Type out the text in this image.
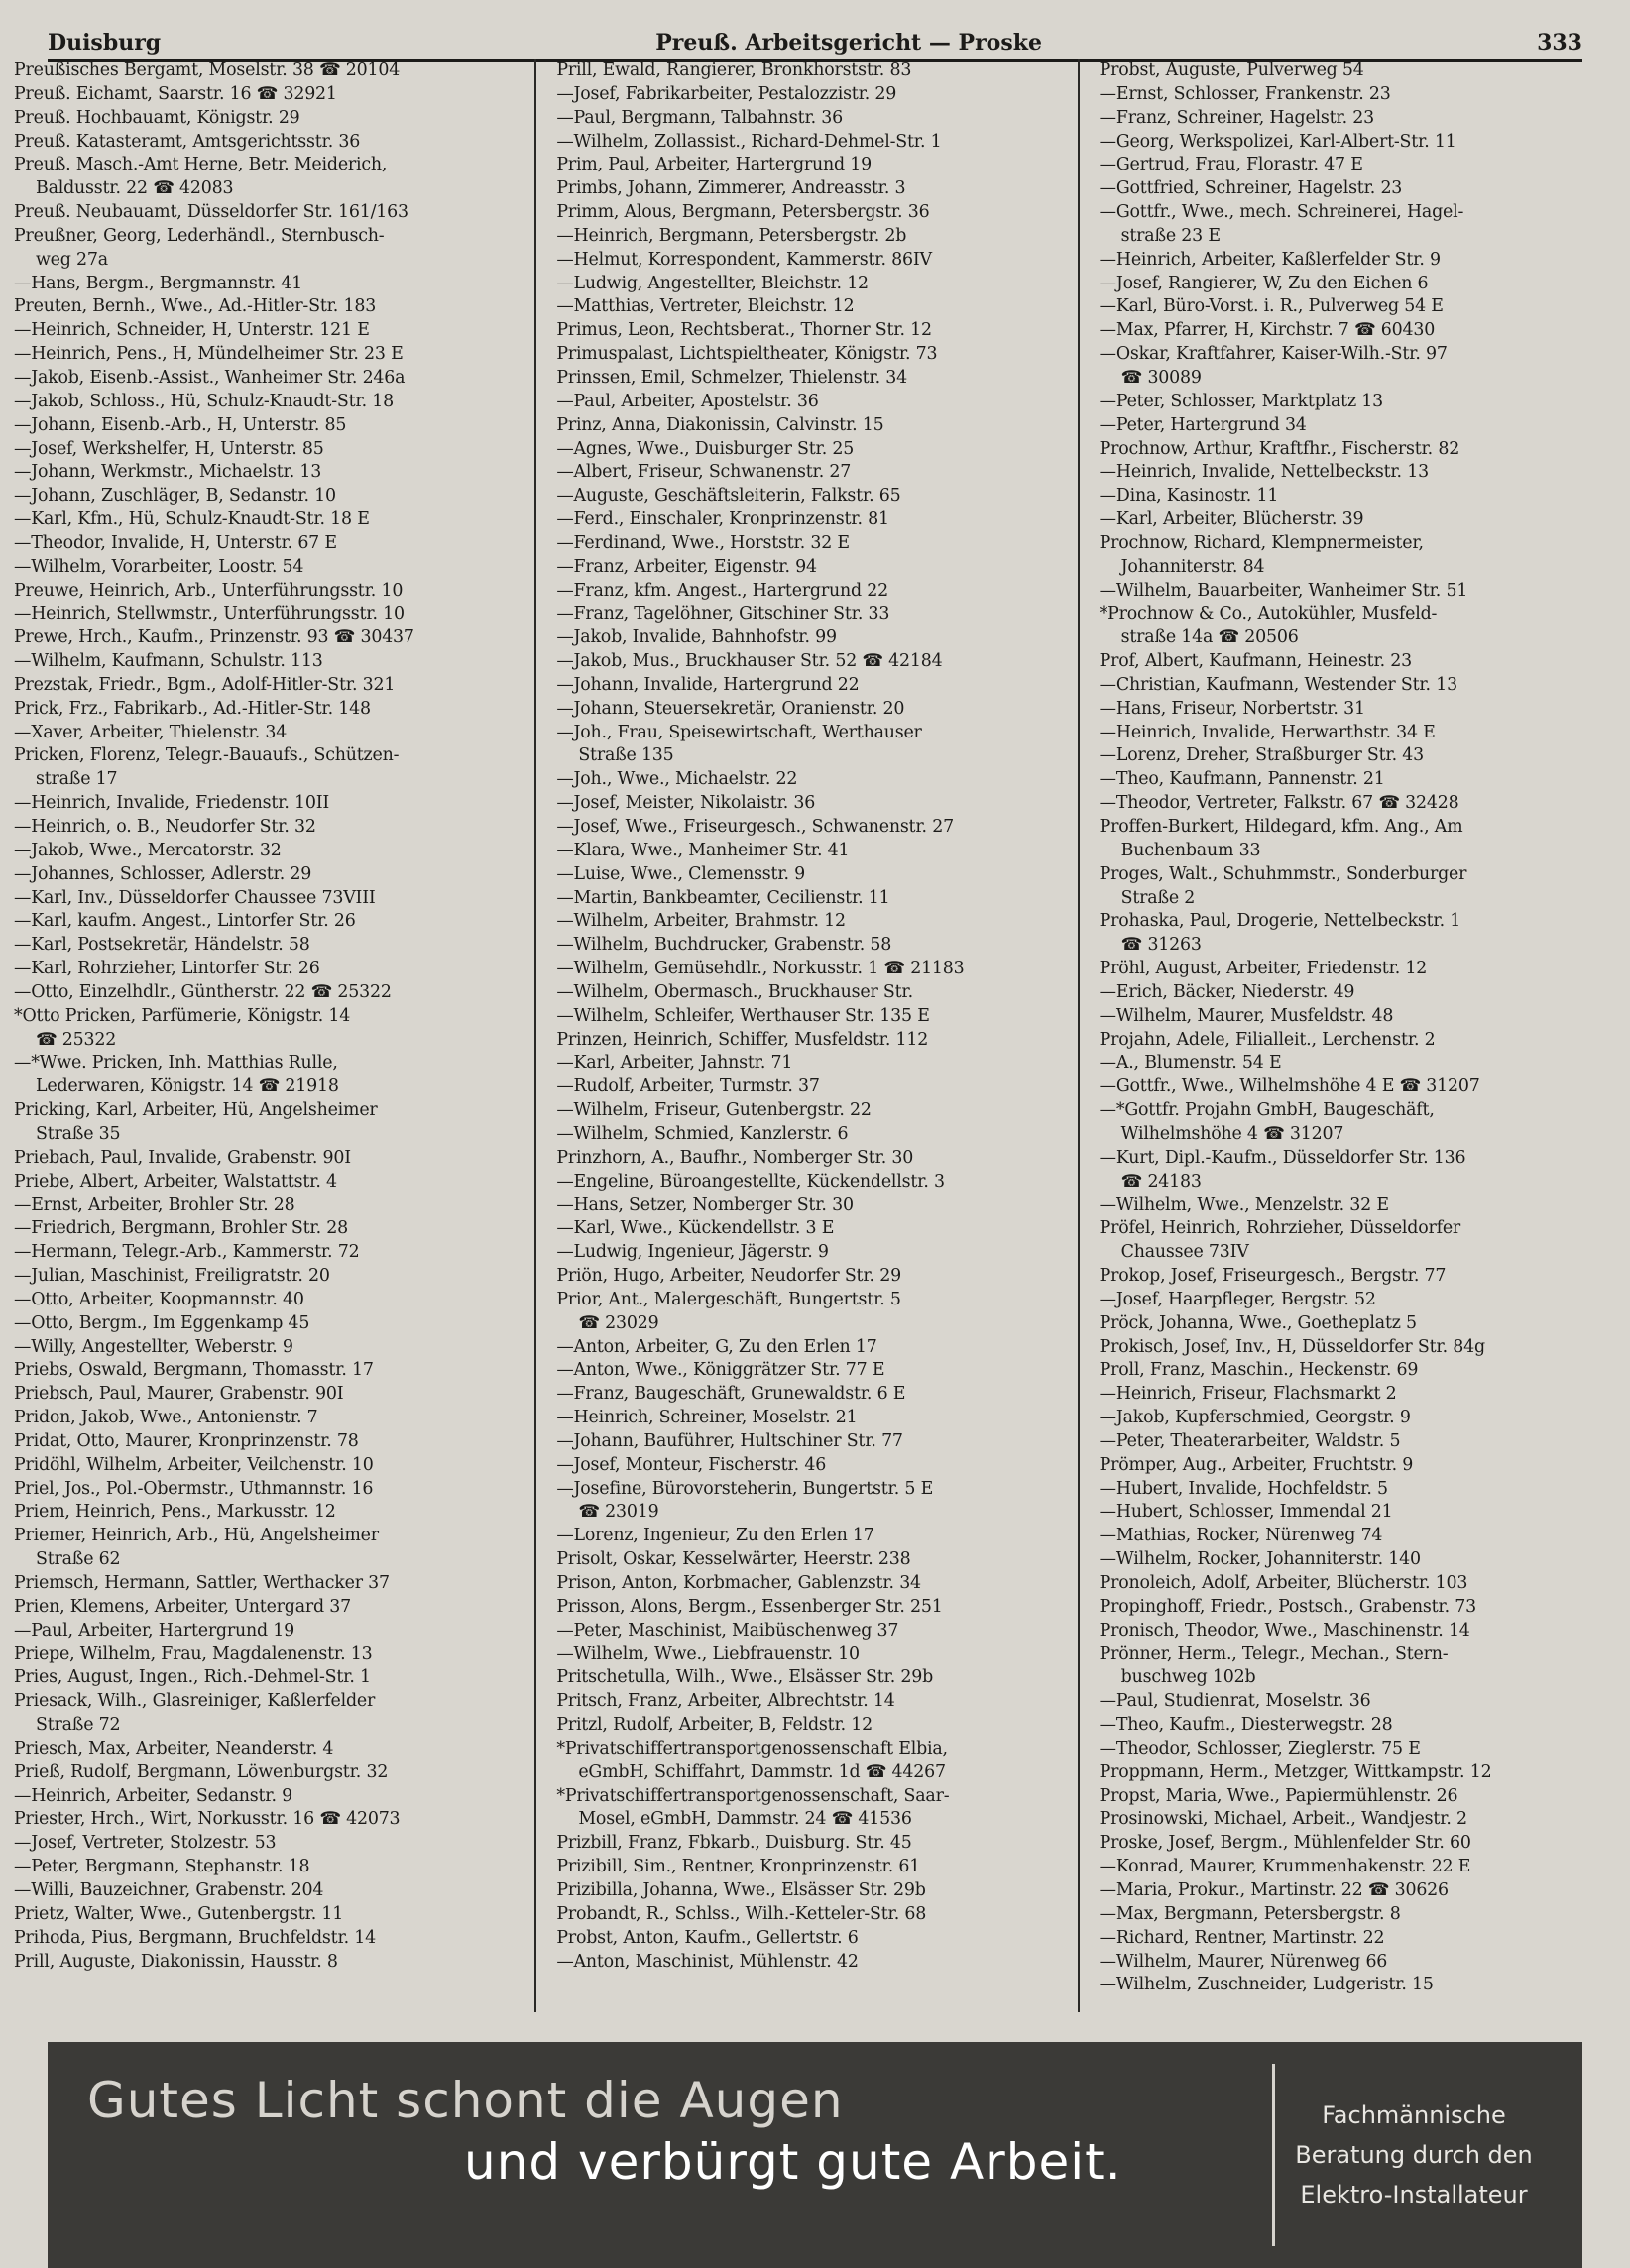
Duisburg	Preuß. Arbeitsgericht — Proske	333
Preußisches Bergamt, Moselstr. 38 ☎ 20104
Preuß. Eichamt, Saarstr. 16 ☎ 32921
Preuß. Hochbauamt, Königstr. 29
Preuß. Katasteramt, Amtsgerichtsstr. 36
Preuß. Masch.-Amt Herne, Betr. Meiderich,
Baldusstr. 22 ☎ 42083
Preuß. Neubauamt, Düsseldorfer Str. 161/163
Preußner, Georg, Lederhändl., Sternbusch-
weg 27a
—Hans, Bergm., Bergmannstr. 41
Preuten, Bernh., Wwe., Ad.-Hitler-Str. 183
—Heinrich, Schneider, H, Unterstr. 121 E
—Heinrich, Pens., H, Mündelheimer Str. 23 E
—Jakob, Eisenb.-Assist., Wanheimer Str. 246a
—Jakob, Schloss., Hü, Schulz-Knaudt-Str. 18
—Johann, Eisenb.-Arb., H, Unterstr. 85
—Josef, Werkshelfer, H, Unterstr. 85
—Johann, Werkmstr., Michaelstr. 13
—Johann, Zuschläger, B, Sedanstr. 10
—Karl, Kfm., Hü, Schulz-Knaudt-Str. 18 E
—Theodor, Invalide, H, Unterstr. 67 E
—Wilhelm, Vorarbeiter, Loostr. 54
Preuwe, Heinrich, Arb., Unterführungsstr. 10
—Heinrich, Stellwmstr., Unterführungsstr. 10
Prewe, Hrch., Kaufm., Prinzenstr. 93 ☎ 30437
—Wilhelm, Kaufmann, Schulstr. 113
Prezstak, Friedr., Bgm., Adolf-Hitler-Str. 321
Prick, Frz., Fabrikarb., Ad.-Hitler-Str. 148
—Xaver, Arbeiter, Thielenstr. 34
Pricken, Florenz, Telegr.-Bauaufs., Schützen-
straße 17
—Heinrich, Invalide, Friedenstr. 10II
—Heinrich, o. B., Neudorfer Str. 32
—Jakob, Wwe., Mercatorstr. 32
—Johannes, Schlosser, Adlerstr. 29
—Karl, Inv., Düsseldorfer Chaussee 73VIII
—Karl, kaufm. Angest., Lintorfer Str. 26
—Karl, Postsekretär, Händelstr. 58
—Karl, Rohrzieher, Lintorfer Str. 26
—Otto, Einzelhdlr., Güntherstr. 22 ☎ 25322
*Otto Pricken, Parfümerie, Königstr. 14
☎ 25322
—*Wwe. Pricken, Inh. Matthias Rulle,
Lederwaren, Königstr. 14 ☎ 21918
Pricking, Karl, Arbeiter, Hü, Angelsheimer
Straße 35
Priebach, Paul, Invalide, Grabenstr. 90I
Priebe, Albert, Arbeiter, Walstattstr. 4
—Ernst, Arbeiter, Brohler Str. 28
—Friedrich, Bergmann, Brohler Str. 28
—Hermann, Telegr.-Arb., Kammerstr. 72
—Julian, Maschinist, Freiligratstr. 20
—Otto, Arbeiter, Koopmannstr. 40
—Otto, Bergm., Im Eggenkamp 45
—Willy, Angestellter, Weberstr. 9
Priebs, Oswald, Bergmann, Thomasstr. 17
Priebsch, Paul, Maurer, Grabenstr. 90I
Pridon, Jakob, Wwe., Antonienstr. 7
Pridat, Otto, Maurer, Kronprinzenstr. 78
Pridöhl, Wilhelm, Arbeiter, Veilchenstr. 10
Priel, Jos., Pol.-Obermstr., Uthmannstr. 16
Priem, Heinrich, Pens., Markusstr. 12
Priemer, Heinrich, Arb., Hü, Angelsheimer
Straße 62
Priemsch, Hermann, Sattler, Werthacker 37
Prien, Klemens, Arbeiter, Untergard 37
—Paul, Arbeiter, Hartergrund 19
Priepe, Wilhelm, Frau, Magdalenenstr. 13
Pries, August, Ingen., Rich.-Dehmel-Str. 1
Priesack, Wilh., Glasreiniger, Kaßlerfelder
Straße 72
Priesch, Max, Arbeiter, Neanderstr. 4
Prieß, Rudolf, Bergmann, Löwenburgstr. 32
—Heinrich, Arbeiter, Sedanstr. 9
Priester, Hrch., Wirt, Norkusstr. 16 ☎ 42073
—Josef, Vertreter, Stolzestr. 53
—Peter, Bergmann, Stephanstr. 18
—Willi, Bauzeichner, Grabenstr. 204
Prietz, Walter, Wwe., Gutenbergstr. 11
Prihoda, Pius, Bergmann, Bruchfeldstr. 14
Prill, Auguste, Diakonissin, Hausstr. 8
Prill, Ewald, Rangierer, Bronkhorststr. 83
—Josef, Fabrikarbeiter, Pestalozzistr. 29
—Paul, Bergmann, Talbahnstr. 36
—Wilhelm, Zollassist., Richard-Dehmel-Str. 1
Prim, Paul, Arbeiter, Hartergrund 19
Primbs, Johann, Zimmerer, Andreasstr. 3
Primm, Alous, Bergmann, Petersbergstr. 36
—Heinrich, Bergmann, Petersbergstr. 2b
—Helmut, Korrespondent, Kammerstr. 86IV
—Ludwig, Angestellter, Bleichstr. 12
—Matthias, Vertreter, Bleichstr. 12
Primus, Leon, Rechtsberat., Thorner Str. 12
Primuspalast, Lichtspieltheater, Königstr. 73
Prinssen, Emil, Schmelzer, Thielenstr. 34
—Paul, Arbeiter, Apostelstr. 36
Prinz, Anna, Diakonissin, Calvinstr. 15
—Agnes, Wwe., Duisburger Str. 25
—Albert, Friseur, Schwanenstr. 27
—Auguste, Geschäftsleiterin, Falkstr. 65
—Ferd., Einschaler, Kronprinzenstr. 81
—Ferdinand, Wwe., Horststr. 32 E
—Franz, Arbeiter, Eigenstr. 94
—Franz, kfm. Angest., Hartergrund 22
—Franz, Tagelöhner, Gitschiner Str. 33
—Jakob, Invalide, Bahnhofstr. 99
—Jakob, Mus., Bruckhauser Str. 52 ☎ 42184
—Johann, Invalide, Hartergrund 22
—Johann, Steuersekretär, Oranienstr. 20
—Joh., Frau, Speisewirtschaft, Werthauser
Straße 135
—Joh., Wwe., Michaelstr. 22
—Josef, Meister, Nikolaistr. 36
—Josef, Wwe., Friseurgesch., Schwanenstr. 27
—Klara, Wwe., Manheimer Str. 41
—Luise, Wwe., Clemensstr. 9
—Martin, Bankbeamter, Cecilienstr. 11
—Wilhelm, Arbeiter, Brahmstr. 12
—Wilhelm, Buchdrucker, Grabenstr. 58
—Wilhelm, Gemüsehdlr., Norkusstr. 1 ☎ 21183
—Wilhelm, Obermasch., Bruckhauser Str.
—Wilhelm, Schleifer, Werthauser Str. 135 E
Prinzen, Heinrich, Schiffer, Musfeldstr. 112
—Karl, Arbeiter, Jahnstr. 71
—Rudolf, Arbeiter, Turmstr. 37
—Wilhelm, Friseur, Gutenbergstr. 22
—Wilhelm, Schmied, Kanzlerstr. 6
Prinzhorn, A., Baufhr., Nomberger Str. 30
—Engeline, Büroangestellte, Kückendellstr. 3
—Hans, Setzer, Nomberger Str. 30
—Karl, Wwe., Kückendellstr. 3 E
—Ludwig, Ingenieur, Jägerstr. 9
Priön, Hugo, Arbeiter, Neudorfer Str. 29
Prior, Ant., Malergeschäft, Bungertstr. 5
☎ 23029
—Anton, Arbeiter, G, Zu den Erlen 17
—Anton, Wwe., Königgrätzer Str. 77 E
—Franz, Baugeschäft, Grunewaldstr. 6 E
—Heinrich, Schreiner, Moselstr. 21
—Johann, Bauführer, Hultschiner Str. 77
—Josef, Monteur, Fischerstr. 46
—Josefine, Bürovorsteherin, Bungertstr. 5 E
☎ 23019
—Lorenz, Ingenieur, Zu den Erlen 17
Prisolt, Oskar, Kesselwärter, Heerstr. 238
Prison, Anton, Korbmacher, Gablenzstr. 34
Prisson, Alons, Bergm., Essenberger Str. 251
—Peter, Maschinist, Maibüschenweg 37
—Wilhelm, Wwe., Liebfrauenstr. 10
Pritschetulla, Wilh., Wwe., Elsässer Str. 29b
Pritsch, Franz, Arbeiter, Albrechtstr. 14
Pritzl, Rudolf, Arbeiter, B, Feldstr. 12
*Privatschiffertransportgenossenschaft Elbia,
eGmbH, Schiffahrt, Dammstr. 1d ☎ 44267
*Privatschiffertransportgenossenschaft, Saar-
Mosel, eGmbH, Dammstr. 24 ☎ 41536
Prizbill, Franz, Fbkarb., Duisburg. Str. 45
Prizibill, Sim., Rentner, Kronprinzenstr. 61
Prizibilla, Johanna, Wwe., Elsässer Str. 29b
Probandt, R., Schlss., Wilh.-Ketteler-Str. 68
Probst, Anton, Kaufm., Gellertstr. 6
—Anton, Maschinist, Mühlenstr. 42
Probst, Auguste, Pulverweg 54
—Ernst, Schlosser, Frankenstr. 23
—Franz, Schreiner, Hagelstr. 23
—Georg, Werkspolizei, Karl-Albert-Str. 11
—Gertrud, Frau, Florastr. 47 E
—Gottfried, Schreiner, Hagelstr. 23
—Gottfr., Wwe., mech. Schreinerei, Hagel-
straße 23 E
—Heinrich, Arbeiter, Kaßlerfelder Str. 9
—Josef, Rangierer, W, Zu den Eichen 6
—Karl, Büro-Vorst. i. R., Pulverweg 54 E
—Max, Pfarrer, H, Kirchstr. 7 ☎ 60430
—Oskar, Kraftfahrer, Kaiser-Wilh.-Str. 97
☎ 30089
—Peter, Schlosser, Marktplatz 13
—Peter, Hartergrund 34
Prochnow, Arthur, Kraftfhr., Fischerstr. 82
—Heinrich, Invalide, Nettelbeckstr. 13
—Dina, Kasinostr. 11
—Karl, Arbeiter, Blücherstr. 39
Prochnow, Richard, Klempnermeister,
Johanniterstr. 84
—Wilhelm, Bauarbeiter, Wanheimer Str. 51
*Prochnow & Co., Autokühler, Musfeld-
straße 14a ☎ 20506
Prof, Albert, Kaufmann, Heinestr. 23
—Christian, Kaufmann, Westender Str. 13
—Hans, Friseur, Norbertstr. 31
—Heinrich, Invalide, Herwarthstr. 34 E
—Lorenz, Dreher, Straßburger Str. 43
—Theo, Kaufmann, Pannenstr. 21
—Theodor, Vertreter, Falkstr. 67 ☎ 32428
Proffen-Burkert, Hildegard, kfm. Ang., Am
Buchenbaum 33
Proges, Walt., Schuhmmstr., Sonderburger
Straße 2
Prohaska, Paul, Drogerie, Nettelbeckstr. 1
☎ 31263
Pröhl, August, Arbeiter, Friedenstr. 12
—Erich, Bäcker, Niederstr. 49
—Wilhelm, Maurer, Musfeldstr. 48
Projahn, Adele, Filialleit., Lerchenstr. 2
—A., Blumenstr. 54 E
—Gottfr., Wwe., Wilhelmshöhe 4 E ☎ 31207
—*Gottfr. Projahn GmbH, Baugeschäft,
Wilhelmshöhe 4 ☎ 31207
—Kurt, Dipl.-Kaufm., Düsseldorfer Str. 136
☎ 24183
—Wilhelm, Wwe., Menzelstr. 32 E
Pröfel, Heinrich, Rohrzieher, Düsseldorfer
Chaussee 73IV
Prokop, Josef, Friseurgesch., Bergstr. 77
—Josef, Haarpfleger, Bergstr. 52
Pröck, Johanna, Wwe., Goetheplatz 5
Prokisch, Josef, Inv., H, Düsseldorfer Str. 84g
Proll, Franz, Maschin., Heckenstr. 69
—Heinrich, Friseur, Flachsmarkt 2
—Jakob, Kupferschmied, Georgstr. 9
—Peter, Theaterarbeiter, Waldstr. 5
Prömper, Aug., Arbeiter, Fruchtstr. 9
—Hubert, Invalide, Hochfeldstr. 5
—Hubert, Schlosser, Immendal 21
—Mathias, Rocker, Nürenweg 74
—Wilhelm, Rocker, Johanniterstr. 140
Pronoleich, Adolf, Arbeiter, Blücherstr. 103
Propinghoff, Friedr., Postsch., Grabenstr. 73
Pronisch, Theodor, Wwe., Maschinenstr. 14
Prönner, Herm., Telegr., Mechan., Stern-
buschweg 102b
—Paul, Studienrat, Moselstr. 36
—Theo, Kaufm., Diesterwegstr. 28
—Theodor, Schlosser, Zieglerstr. 75 E
Proppmann, Herm., Metzger, Wittkampstr. 12
Propst, Maria, Wwe., Papiermühlenstr. 26
Prosinowski, Michael, Arbeit., Wandjestr. 2
Proske, Josef, Bergm., Mühlenfelder Str. 60
—Konrad, Maurer, Krummenhakenstr. 22 E
—Maria, Prokur., Martinstr. 22 ☎ 30626
—Max, Bergmann, Petersbergstr. 8
—Richard, Rentner, Martinstr. 22
—Wilhelm, Maurer, Nürenweg 66
—Wilhelm, Zuschneider, Ludgeristr. 15
Gutes Licht schont die Augen
und verbürgt gute Arbeit.
Fachmännische
Beratung durch den
Elektro-Installateur
